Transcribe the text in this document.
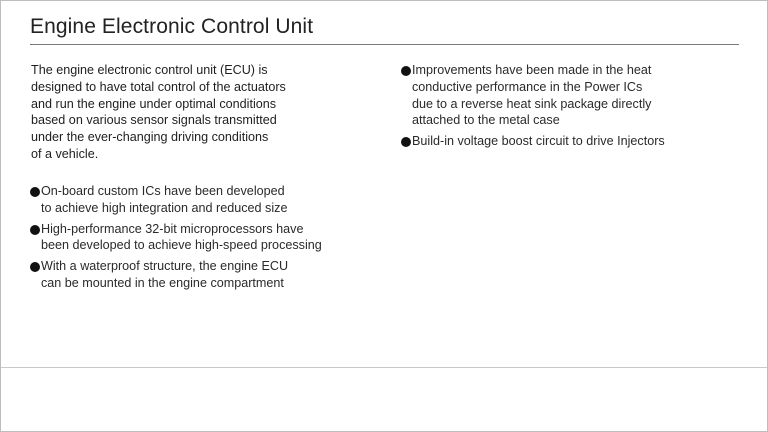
Engine Electronic Control Unit

The engine electronic control unit (ECU) is
designed to have total control of the actuators
and run the engine under optimal conditions
based on various sensor signals transmitted
under the ever-changing driving conditions
of a vehicle.

On-board custom ICs have been developed
to achieve high integration and reduced size
High-performance 32-bit microprocessors have
been developed to achieve high-speed processing
With a waterproof structure, the engine ECU
can be mounted in the engine compartment
Improvements have been made in the heat
conductive performance in the Power ICs
due to a reverse heat sink package directly
attached to the metal case
Build-in voltage boost circuit to drive Injectors
